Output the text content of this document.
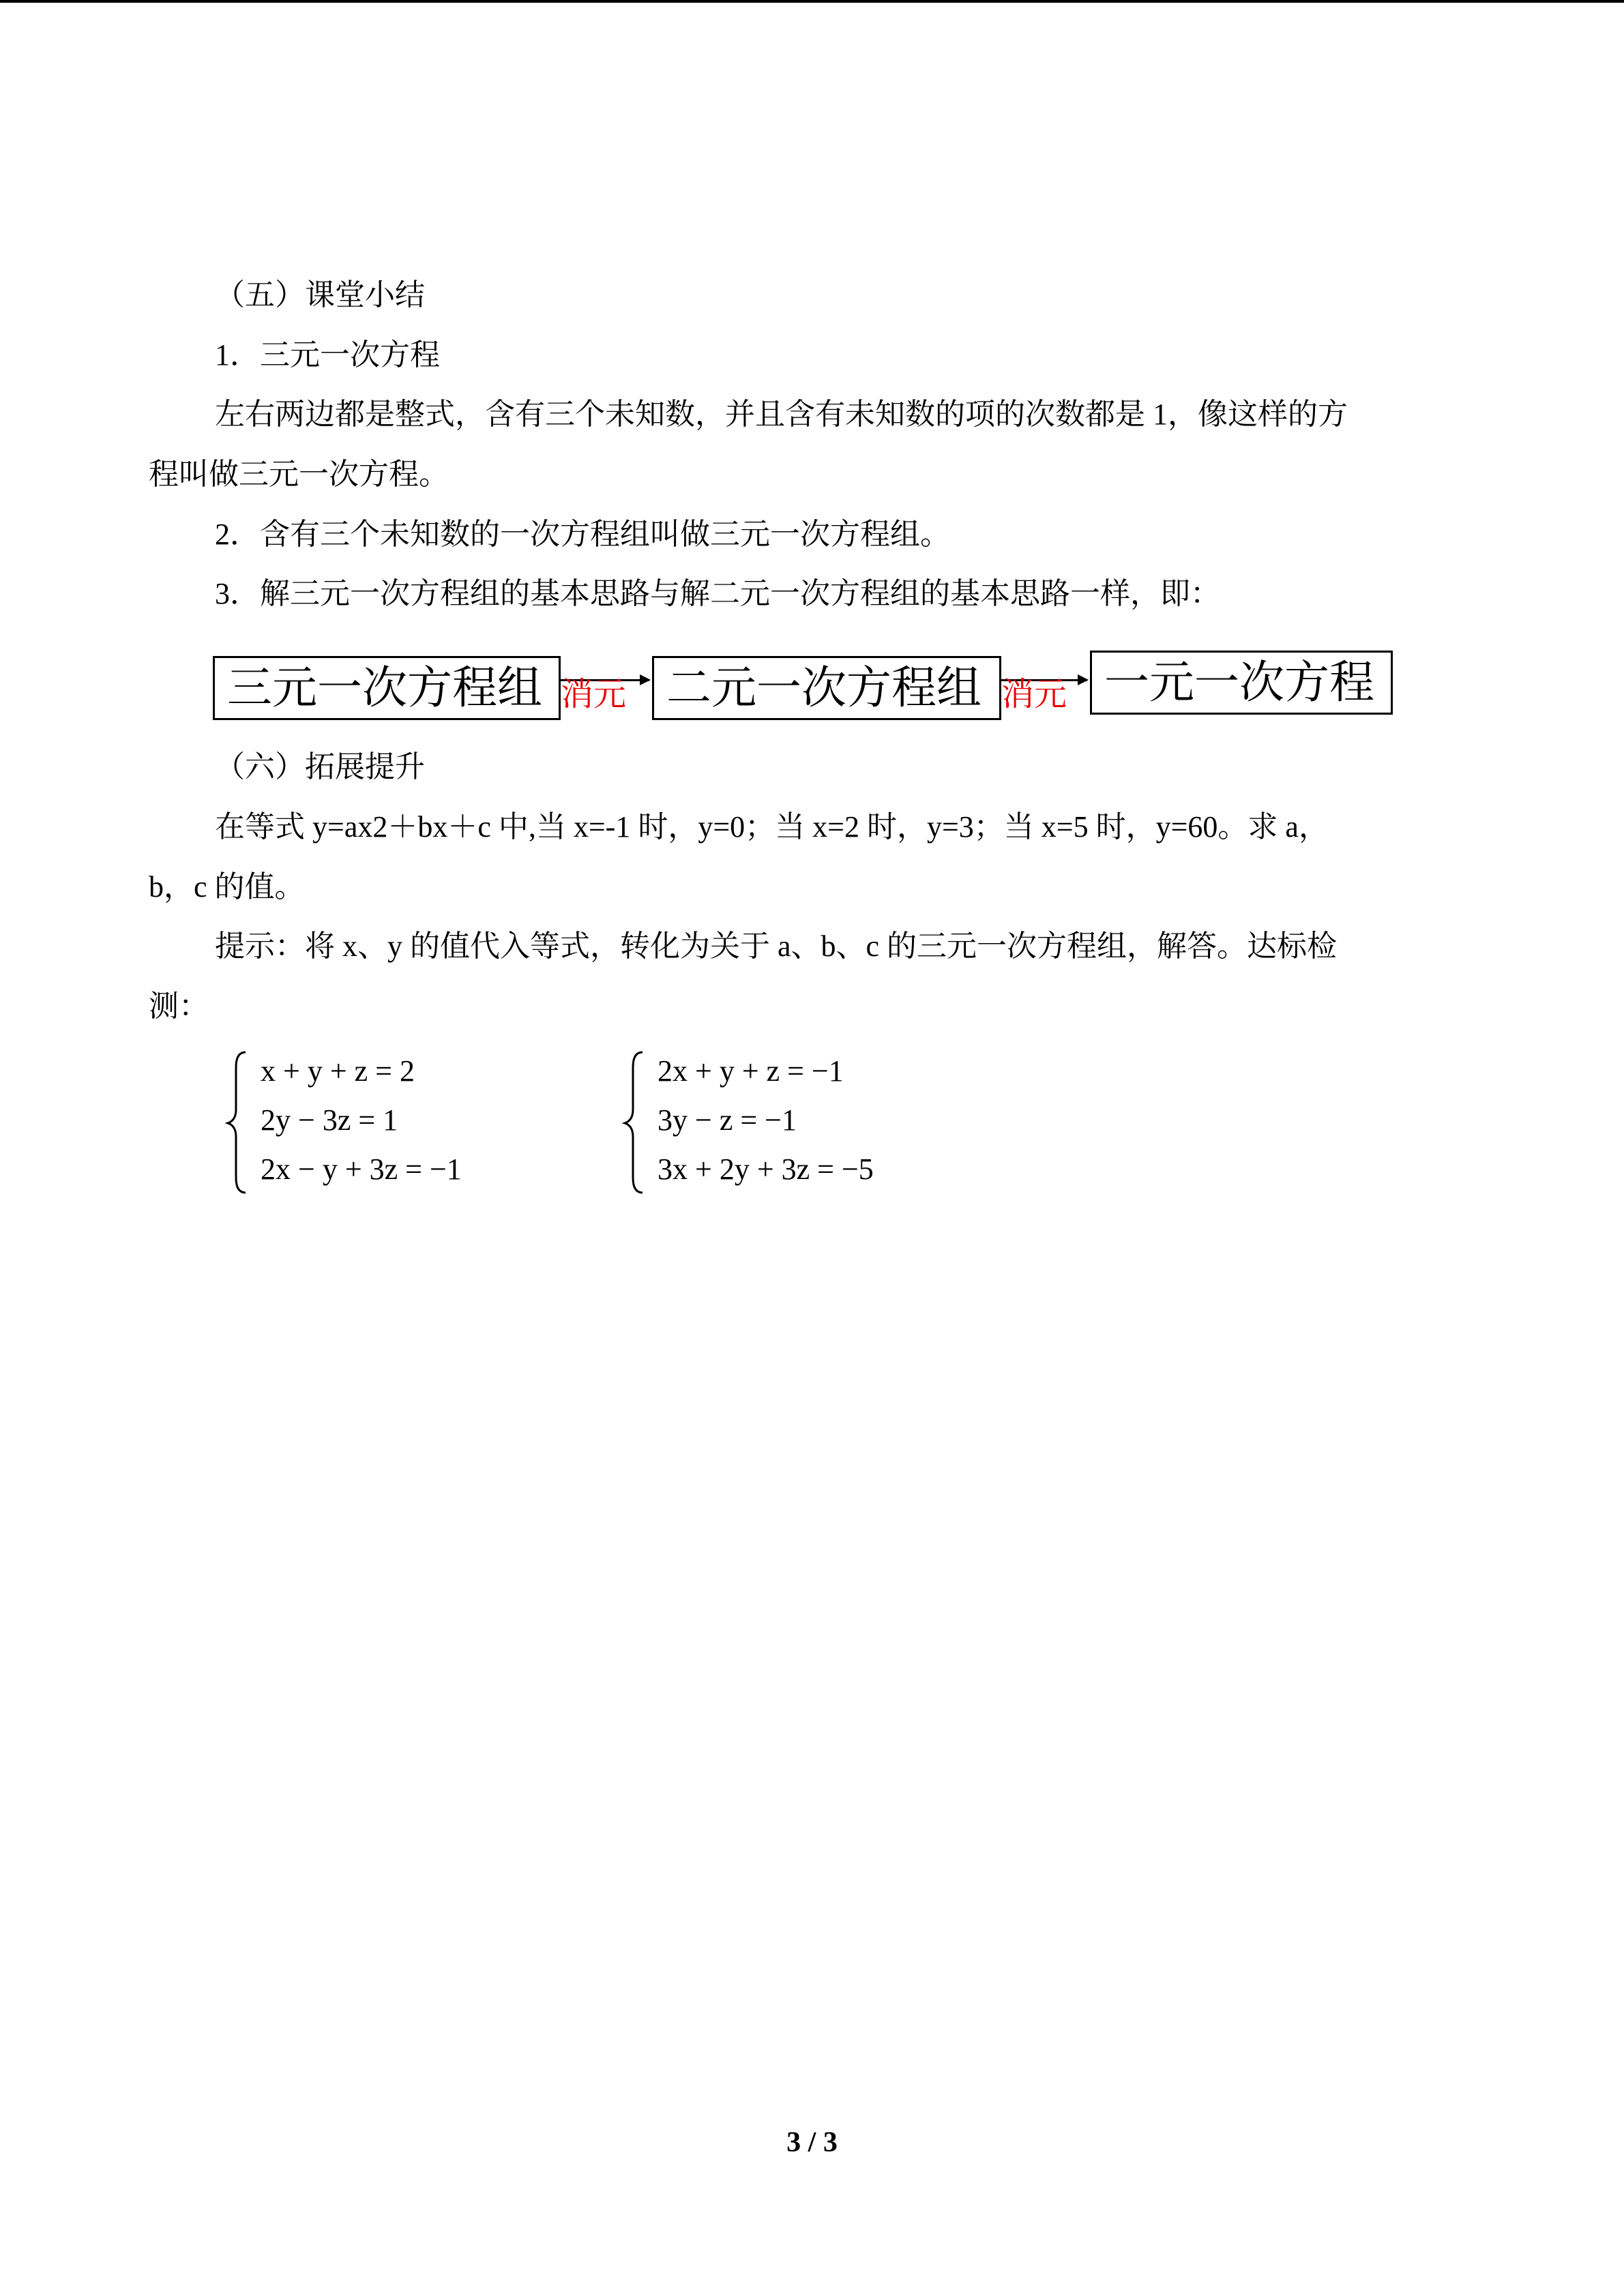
（五）课堂小结
1．三元一次方程
左右两边都是整式，含有三个未知数，并且含有未知数的项的次数都是 1，像这样的方
程叫做三元一次方程。
2．含有三个未知数的一次方程组叫做三元一次方程组。
3．解三元一次方程组的基本思路与解二元一次方程组的基本思路一样，即：
三元一次方程组 消元 二元一次方程组 消元 一元一次方程
（六）拓展提升
在等式 y=ax2＋bx＋c 中,当 x=-1 时，y=0；当 x=2 时，y=3；当 x=5 时，y=60。求 a，
b，c 的值。
提示：将 x、y 的值代入等式，转化为关于 a、b、c 的三元一次方程组，解答。达标检
测：
x + y + z = 2
2y − 3z = 1
2x − y + 3z = −1
2x + y + z = −1
3y − z = −1
3x + 2y + 3z = −5
3 / 3
